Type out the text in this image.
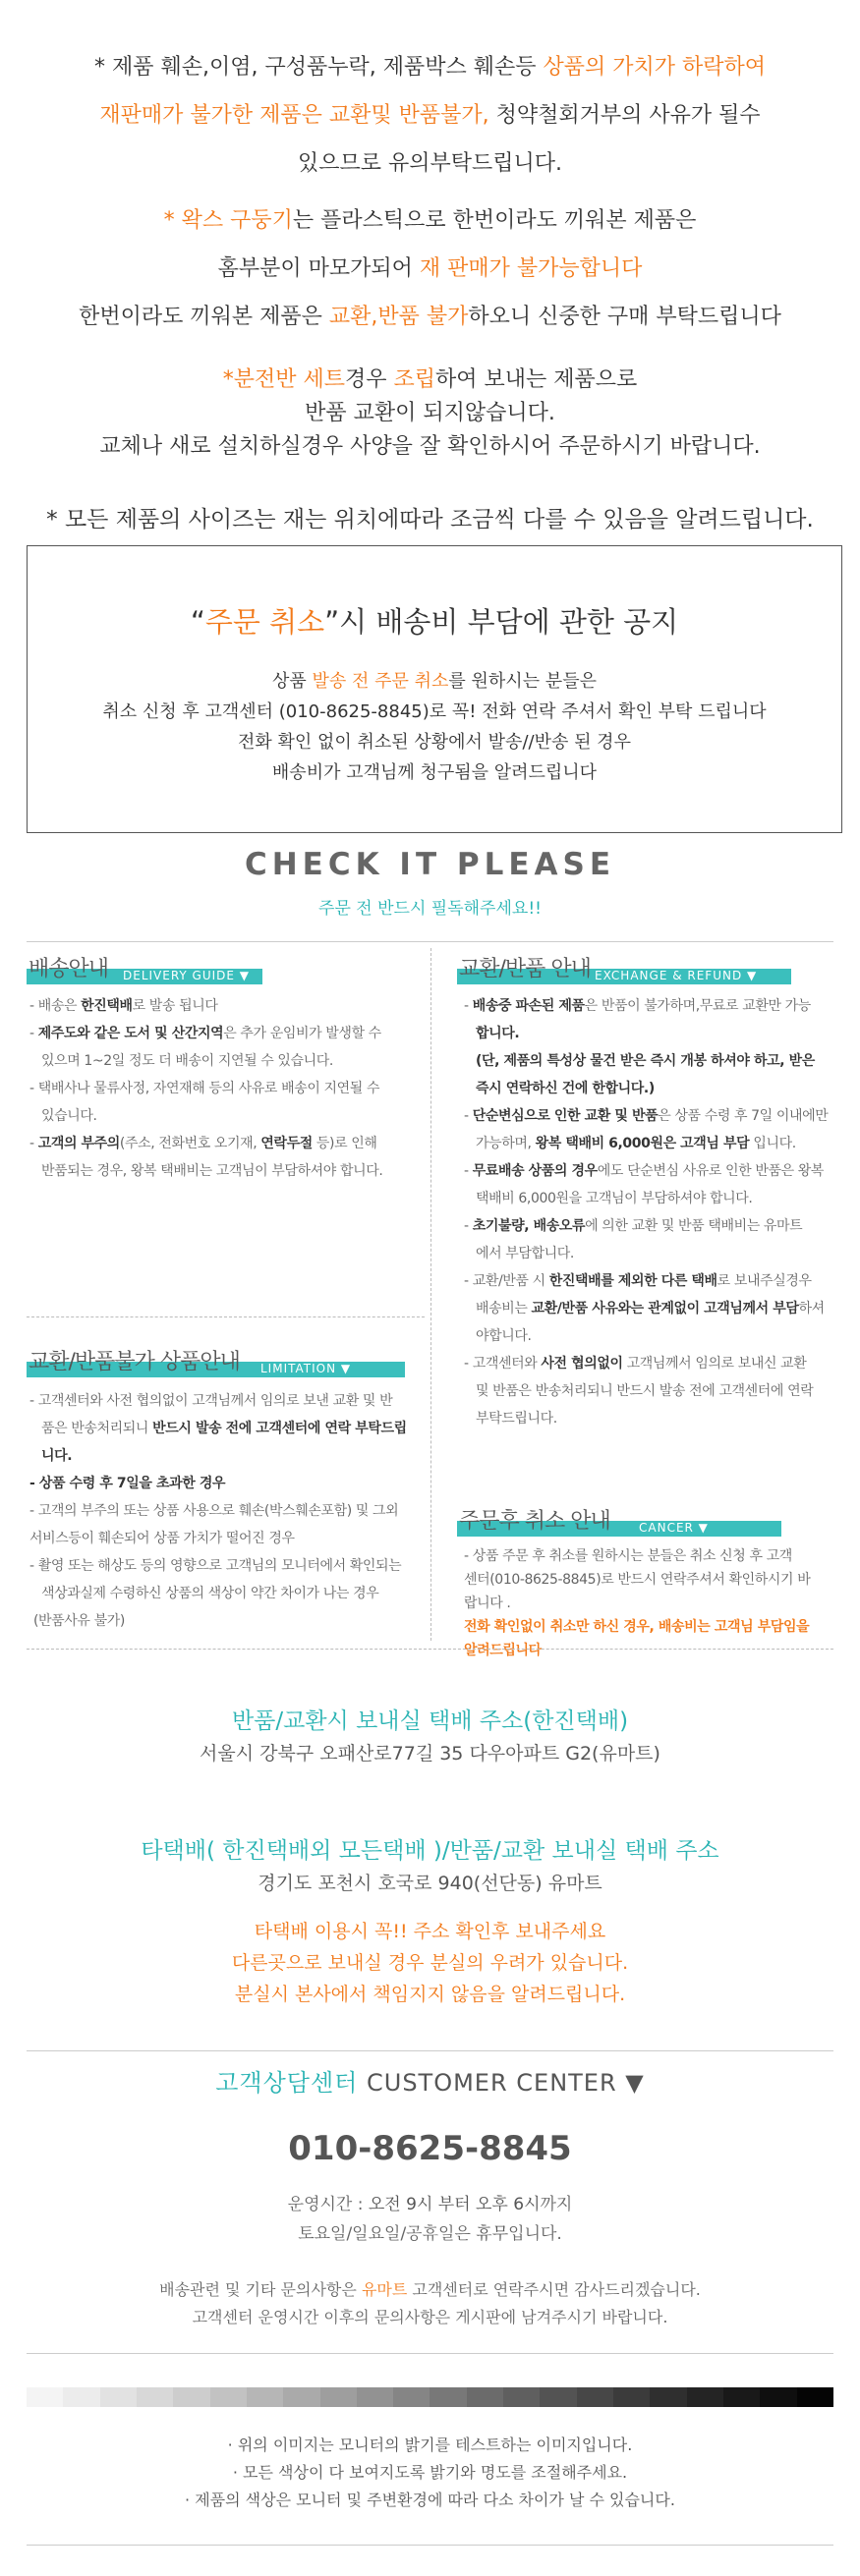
* 제품 훼손,이염, 구성품누락, 제품박스 훼손등 상품의 가치가 하락하여

재판매가 불가한 제품은 교환및 반품불가, 청약철회거부의 사유가 될수

있으므로 유의부탁드립니다.

* 왁스 구둥기는 플라스틱으로 한번이라도 끼워본 제품은

홈부분이 마모가되어 재 판매가 불가능합니다

한번이라도 끼워본 제품은 교환,반품 불가하오니 신중한 구매 부탁드립니다

*분전반 세트경우 조립하여 보내는 제품으로

반품 교환이 되지않습니다.

교체나 새로 설치하실경우 사양을 잘 확인하시어 주문하시기 바랍니다.

* 모든 제품의 사이즈는 재는 위치에따라 조금씩 다를 수 있음을 알려드립니다.

“주문 취소”시 배송비 부담에 관한 공지

상품 발송 전 주문 취소를 원하시는 분들은

취소 신청 후 고객센터 (010-8625-8845)로 꼭! 전화 연락 주셔서 확인 부탁 드립니다

전화 확인 없이 취소된 상황에서 발송//반송 된 경우

배송비가 고객님께 청구됨을 알려드립니다

CHECK IT PLEASE

주문 전 반드시 필독해주세요!!

배송안내 DELIVERY GUIDE ▼

- 배송은 한진택배로 발송 됩니다

- 제주도와 같은 도서 및 산간지역은 추가 운임비가 발생할 수

있으며 1~2일 정도 더 배송이 지연될 수 있습니다.

- 택배사나 물류사정, 자연재해 등의 사유로 배송이 지연될 수

있습니다.

- 고객의 부주의(주소, 전화번호 오기재, 연락두절 등)로 인해

반품되는 경우, 왕복 택배비는 고객님이 부담하셔야 합니다.

교환/반품불가 상품안내 LIMITATION ▼

- 고객센터와 사전 협의없이 고객님께서 임의로 보낸 교환 및 반

품은 반송처리되니 반드시 발송 전에 고객센터에 연락 부탁드립

니다.

- 상품 수령 후 7일을 초과한 경우

- 고객의 부주의 또는 상품 사용으로 훼손(박스훼손포함) 및 그외

서비스등이 훼손되어 상품 가치가 떨어진 경우

- 촬영 또는 해상도 등의 영향으로 고객님의 모니터에서 확인되는

색상과실제 수령하신 상품의 색상이 약간 차이가 나는 경우

(반품사유 불가)

교환/반품 안내 EXCHANGE & REFUND ▼

- 배송중 파손된 제품은 반품이 불가하며,무료로 교환만 가능

합니다.

(단, 제품의 특성상 물건 받은 즉시 개봉 하셔야 하고, 받은

즉시 연락하신 건에 한합니다.)

- 단순변심으로 인한 교환 및 반품은 상품 수령 후 7일 이내에만

가능하며, 왕복 택배비 6,000원은 고객님 부담 입니다.

- 무료배송 상품의 경우에도 단순변심 사유로 인한 반품은 왕복

택배비 6,000원을 고객님이 부담하셔야 합니다.

- 초기불량, 배송오류에 의한 교환 및 반품 택배비는 유마트

에서 부담합니다.

- 교환/반품 시 한진택배를 제외한 다른 택배로 보내주실경우

배송비는 교환/반품 사유와는 관계없이 고객님께서 부담하셔

야합니다.

- 고객센터와 사전 협의없이 고객님께서 임의로 보내신 교환

및 반품은 반송처리되니 반드시 발송 전에 고객센터에 연락

부탁드립니다.

주문후 취소 안내 CANCER ▼

- 상품 주문 후 취소를 원하시는 분들은 취소 신청 후 고객

센터(010-8625-8845)로 반드시 연락주셔서 확인하시기 바

랍니다 .

전화 확인없이 취소만 하신 경우, 배송비는 고객님 부담임을

알려드립니다

반품/교환시 보내실 택배 주소(한진택배)

서울시 강북구 오패산로77길 35 다우아파트 G2(유마트)

타택배( 한진택배외 모든택배 )/반품/교환 보내실 택배 주소

경기도 포천시 호국로 940(선단동) 유마트

타택배 이용시 꼭!! 주소 확인후 보내주세요

다른곳으로 보내실 경우 분실의 우려가 있습니다.

분실시 본사에서 책임지지 않음을 알려드립니다.

고객상담센터 CUSTOMER CENTER ▼

010-8625-8845

운영시간 : 오전 9시 부터 오후 6시까지

토요일/일요일/공휴일은 휴무입니다.

배송관련 및 기타 문의사항은 유마트 고객센터로 연락주시면 감사드리겠습니다.

고객센터 운영시간 이후의 문의사항은 게시판에 남겨주시기 바랍니다.

· 위의 이미지는 모니터의 밝기를 테스트하는 이미지입니다.

· 모든 색상이 다 보여지도록 밝기와 명도를 조절해주세요.

· 제품의 색상은 모니터 및 주변환경에 따라 다소 차이가 날 수 있습니다.
